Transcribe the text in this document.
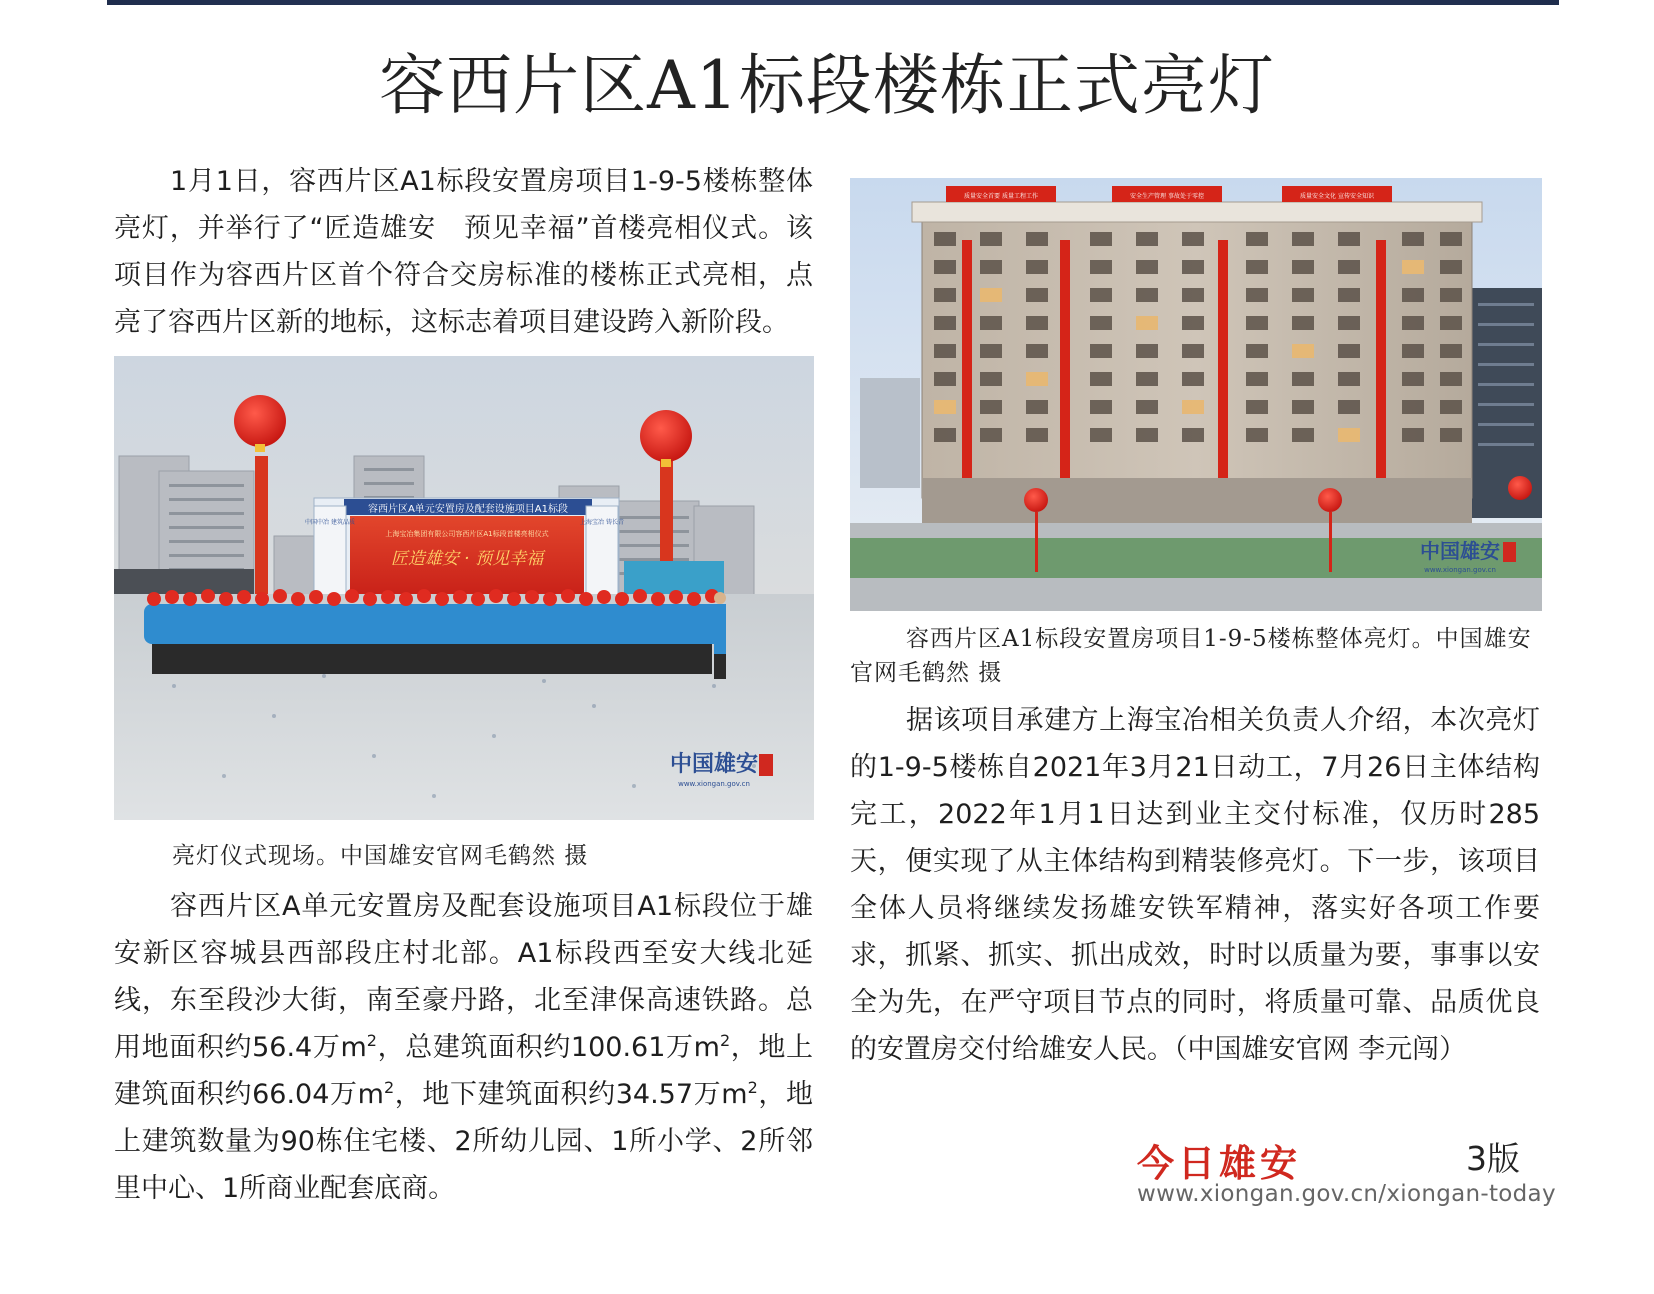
容西片区A1标段楼栋正式亮灯

1月1日，容西片区A1标段安置房项目1-9-5楼栋整体亮灯，并举行了“匠造雄安　预见幸福”首楼亮相仪式。该项目作为容西片区首个符合交房标准的楼栋正式亮相，点亮了容西片区新的地标，这标志着项目建设跨入新阶段。

容西片区A单元安置房及配套设施项目A1标段
上海宝冶集团有限公司容西片区A1标段首楼亮相仪式
匠造雄安 · 预见幸福
中国中冶 建筑品质	上海宝冶 铸长青
中国雄安
www.xiongan.gov.cn

亮灯仪式现场。中国雄安官网毛鹤然 摄

容西片区A单元安置房及配套设施项目A1标段位于雄安新区容城县西部段庄村北部。A1标段西至安大线北延线，东至段沙大街，南至豪丹路，北至津保高速铁路。总用地面积约56.4万$m^2$，总建筑面积约100.61万$m^2$，地上建筑面积约66.04万$m^2$，地下建筑面积约34.57万$m^2$，地上建筑数量为90栋住宅楼、2所幼儿园、1所小学、2所邻里中心、1所商业配套底商。

质量安全首要 质量工程工作	安全生产管理 事故处于零控	质量安全文化 宣传安全知识
中国雄安
www.xiongan.gov.cn

容西片区A1标段安置房项目1-9-5楼栋整体亮灯。中国雄安官网毛鹤然 摄

据该项目承建方上海宝冶相关负责人介绍，本次亮灯的1-9-5楼栋自2021年3月21日动工，7月26日主体结构完工，2022年1月1日达到业主交付标准，仅历时285天，便实现了从主体结构到精装修亮灯。下一步，该项目全体人员将继续发扬雄安铁军精神，落实好各项工作要求，抓紧、抓实、抓出成效，时时以质量为要，事事以安全为先，在严守项目节点的同时，将质量可靠、品质优良的安置房交付给雄安人民。（中国雄安官网 李元闯）

今日雄安	3版
www.xiongan.gov.cn/xiongan-today
